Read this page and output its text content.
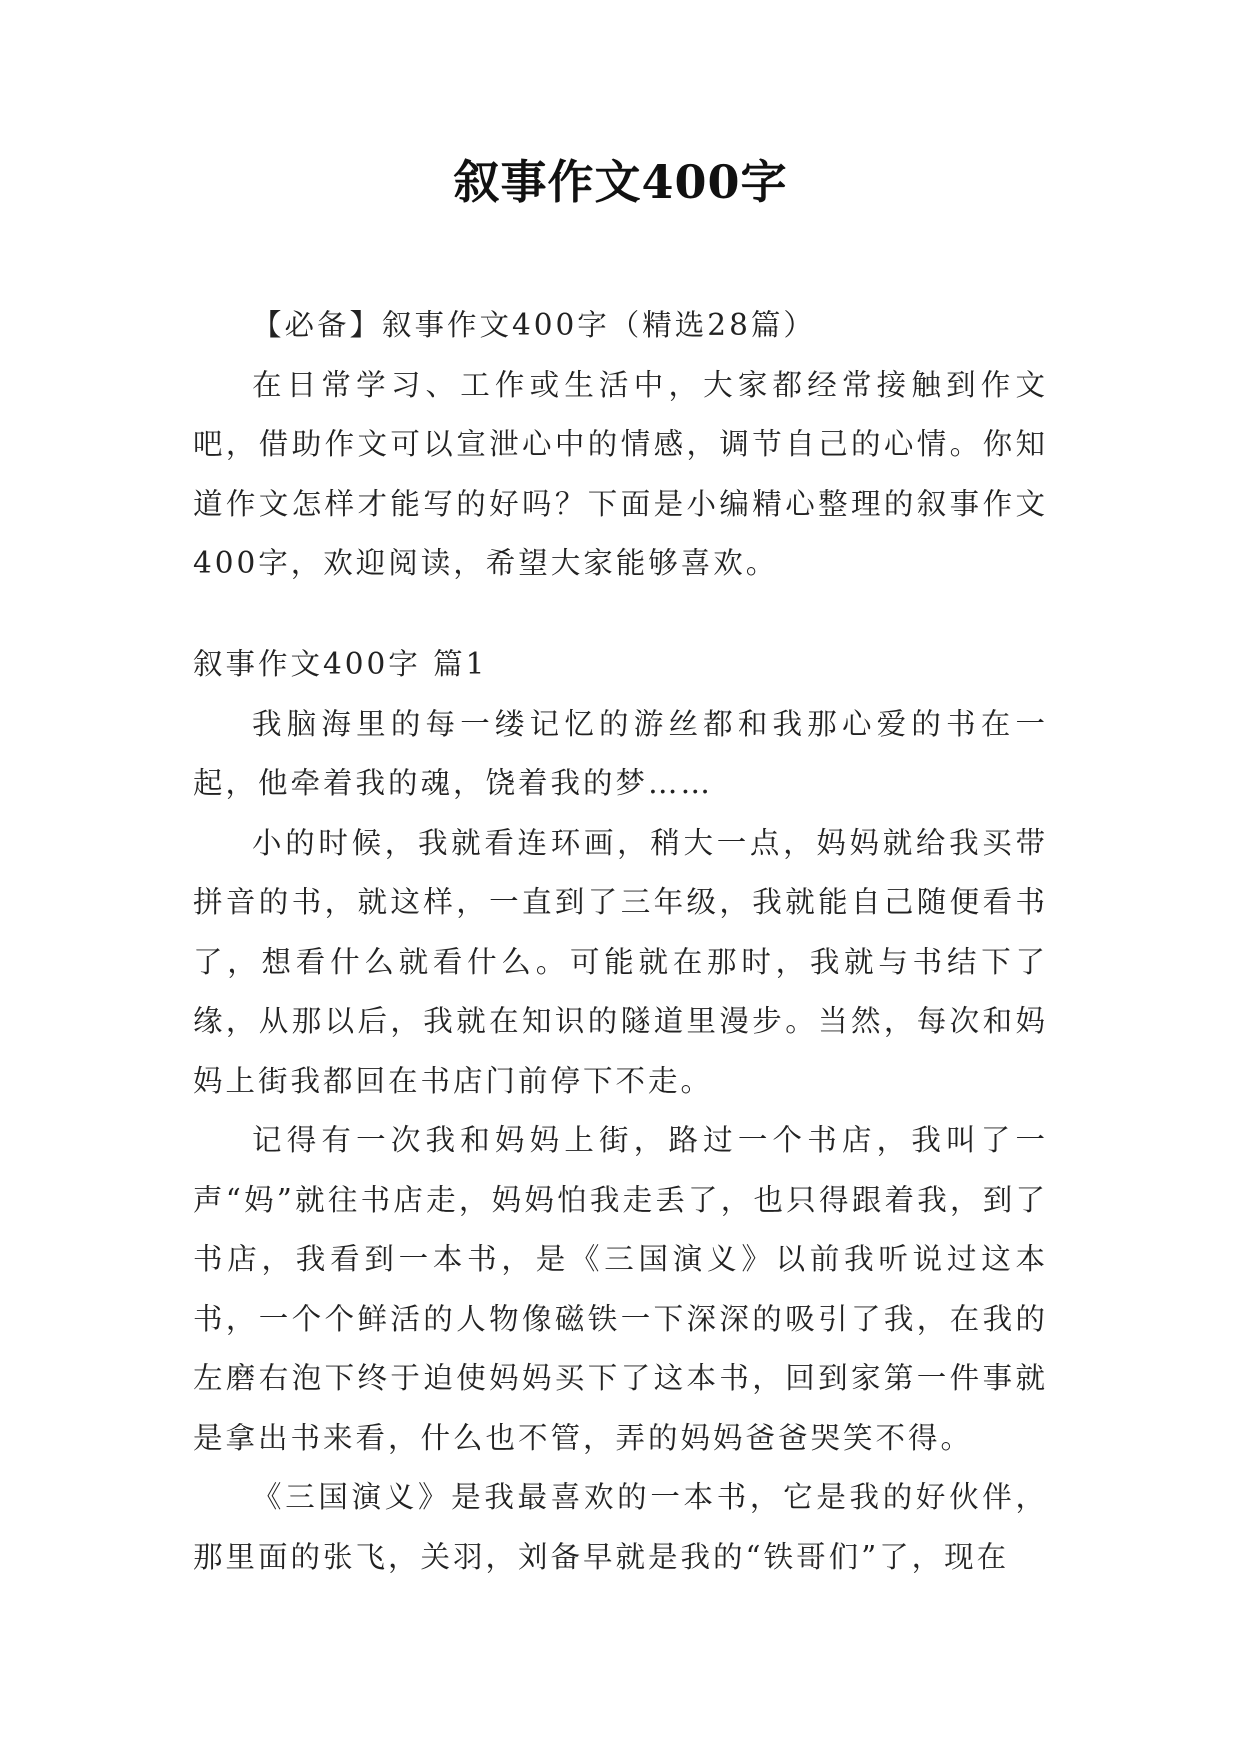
叙事作文400字

【必备】叙事作文400字（精选28篇）

在日常学习、工作或生活中，大家都经常接触到作文吧，借助作文可以宣泄心中的情感，调节自己的心情。你知道作文怎样才能写的好吗？下面是小编精心整理的叙事作文400字，欢迎阅读，希望大家能够喜欢。

叙事作文400字 篇1

我脑海里的每一缕记忆的游丝都和我那心爱的书在一起，他牵着我的魂，饶着我的梦……

小的时候，我就看连环画，稍大一点，妈妈就给我买带拼音的书，就这样，一直到了三年级，我就能自己随便看书了，想看什么就看什么。可能就在那时，我就与书结下了缘，从那以后，我就在知识的隧道里漫步。当然，每次和妈妈上街我都回在书店门前停下不走。

记得有一次我和妈妈上街，路过一个书店，我叫了一声“妈”就往书店走，妈妈怕我走丢了，也只得跟着我，到了书店，我看到一本书，是《三国演义》以前我听说过这本书，一个个鲜活的人物像磁铁一下深深的吸引了我，在我的左磨右泡下终于迫使妈妈买下了这本书，回到家第一件事就是拿出书来看，什么也不管，弄的妈妈爸爸哭笑不得。

《三国演义》是我最喜欢的一本书，它是我的好伙伴，那里面的张飞，关羽，刘备早就是我的“铁哥们”了，现在
